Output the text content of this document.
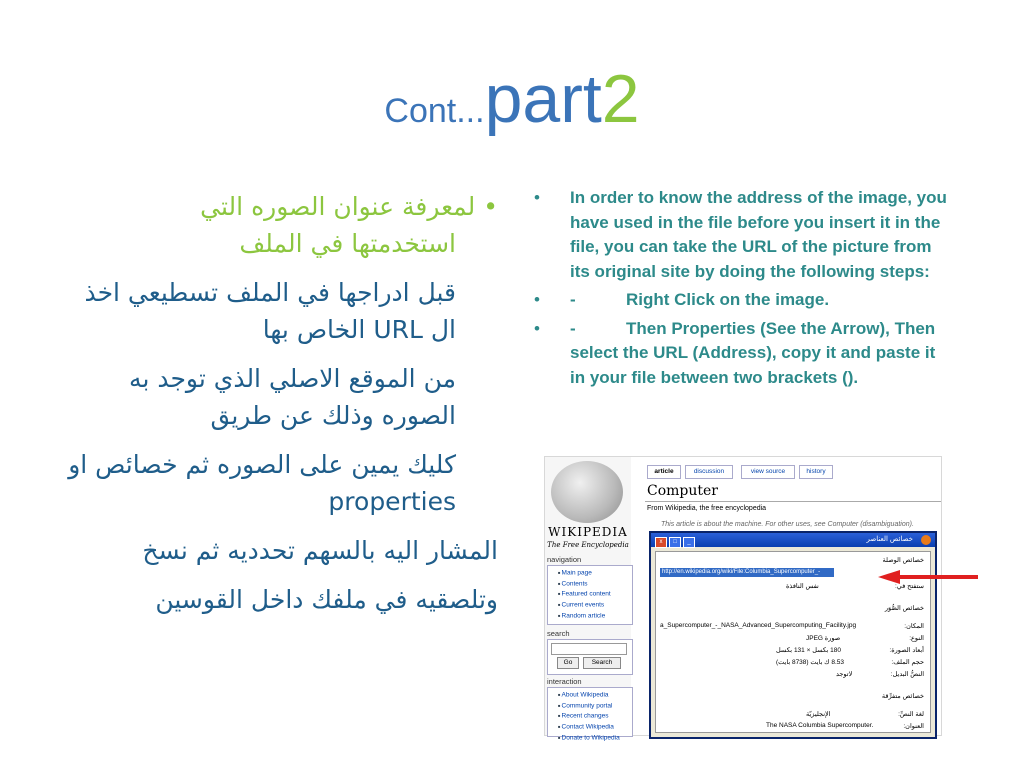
Cont...part2

•لمعرفة عنوان الصوره التي
استخدمتها في الملف

قبل ادراجها في الملف تسطيعي اخذ ال URL الخاص بها

من الموقع الاصلي الذي توجد به الصوره وذلك عن طريق

كليك يمين على الصوره ثم خصائص او properties

المشار اليه بالسهم تحدديه ثم نسخ

وتلصقيه في ملفك داخل القوسين

• In order to know the address of the image, you have used in the file before you insert it in the file, you can take the URL of the picture from its original site by doing the following steps:
• -	Right Click on the image.
• -	Then Properties (See the Arrow), Then select the URL (Address), copy it and paste it in your file between two brackets ().
WIKIPEDIA
The Free Encyclopedia
navigation
■ Main page
■ Contents
■ Featured content
■ Current events
■ Random article
search
Go	Search
interaction
■ About Wikipedia
■ Community portal
■ Recent changes
■ Contact Wikipedia
■ Donate to Wikipedia
article	discussion	view source	history
Computer
From Wikipedia, the free encyclopedia
This article is about the machine. For other uses, see Computer (disambiguation).
خصائص العناصر
_□x
خصائص الوصلة
http://en.wikipedia.org/wiki/File:Columbia_Supercomputer_-_NASA
ستفتح في:
نفس النافذة
خصائص الصُّوَر
المكان:
a_Supercomputer_-_NASA_Advanced_Supercomputing_Facility.jpg
النوع:
صورة JPEG
أبعاد الصورة:
180 بكسل × 131 بكسل
حجم الملف:
8.53 ك بايت (8738 بايت)
النصُّ البديل:
لاتوجد
خصائص متفرِّقة
لغة النصِّ:
الإنجليزيّة
العنوان:
The NASA Columbia Supercomputer.
